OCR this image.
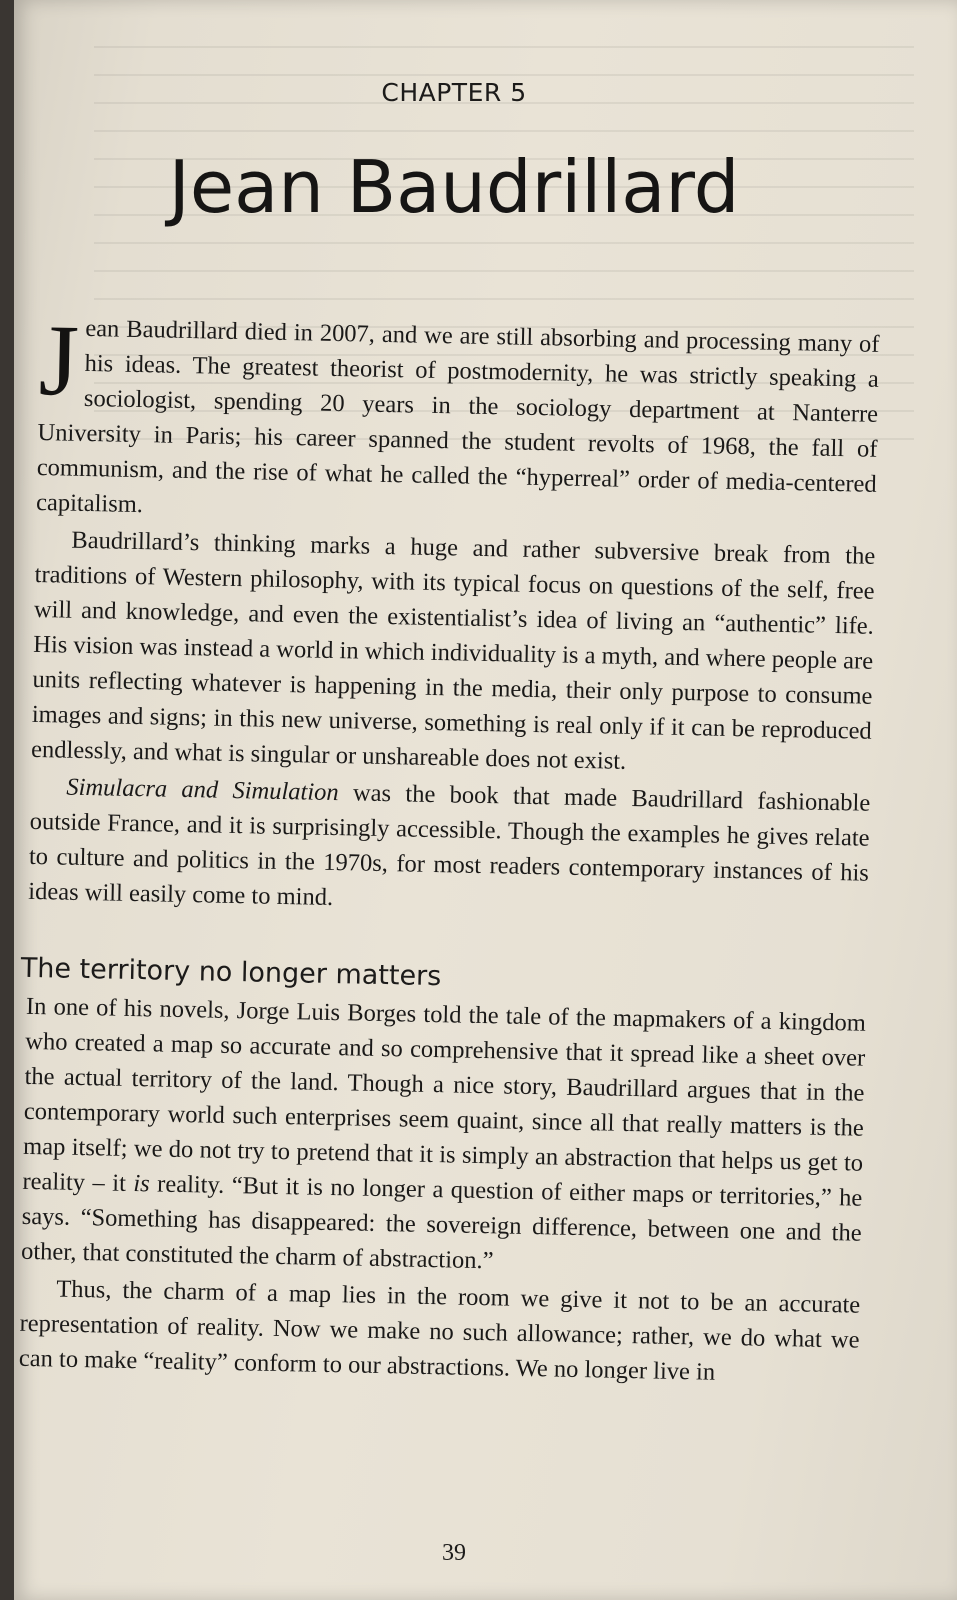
CHAPTER 5
Jean Baudrillard

Jean Baudrillard died in 2007, and we are still absorbing and processing many of his ideas. The greatest theorist of postmodernity, he was strictly speaking a sociologist, spending 20 years in the sociology department at Nanterre University in Paris; his career spanned the student revolts of 1968, the fall of communism, and the rise of what he called the “hyperreal” order of media-centered capitalism.

Baudrillard’s thinking marks a huge and rather subversive break from the traditions of Western philosophy, with its typical focus on questions of the self, free will and knowledge, and even the existentialist’s idea of living an “authentic” life. His vision was instead a world in which individuality is a myth, and where people are units reflecting whatever is happening in the media, their only purpose to consume images and signs; in this new universe, something is real only if it can be reproduced endlessly, and what is singular or unshareable does not exist.

Simulacra and Simulation was the book that made Baudrillard fashionable outside France, and it is surprisingly accessible. Though the examples he gives relate to culture and politics in the 1970s, for most readers contemporary instances of his ideas will easily come to mind.

The territory no longer matters

In one of his novels, Jorge Luis Borges told the tale of the mapmakers of a kingdom who created a map so accurate and so comprehensive that it spread like a sheet over the actual territory of the land. Though a nice story, Baudrillard argues that in the contemporary world such enterprises seem quaint, since all that really matters is the map itself; we do not try to pretend that it is simply an abstraction that helps us get to reality – it is reality. “But it is no longer a question of either maps or territories,” he says. “Something has disappeared: the sovereign difference, between one and the other, that constituted the charm of abstraction.”

Thus, the charm of a map lies in the room we give it not to be an accurate representation of reality. Now we make no such allowance; rather, we do what we can to make “reality” conform to our abstractions. We no longer live in

39
